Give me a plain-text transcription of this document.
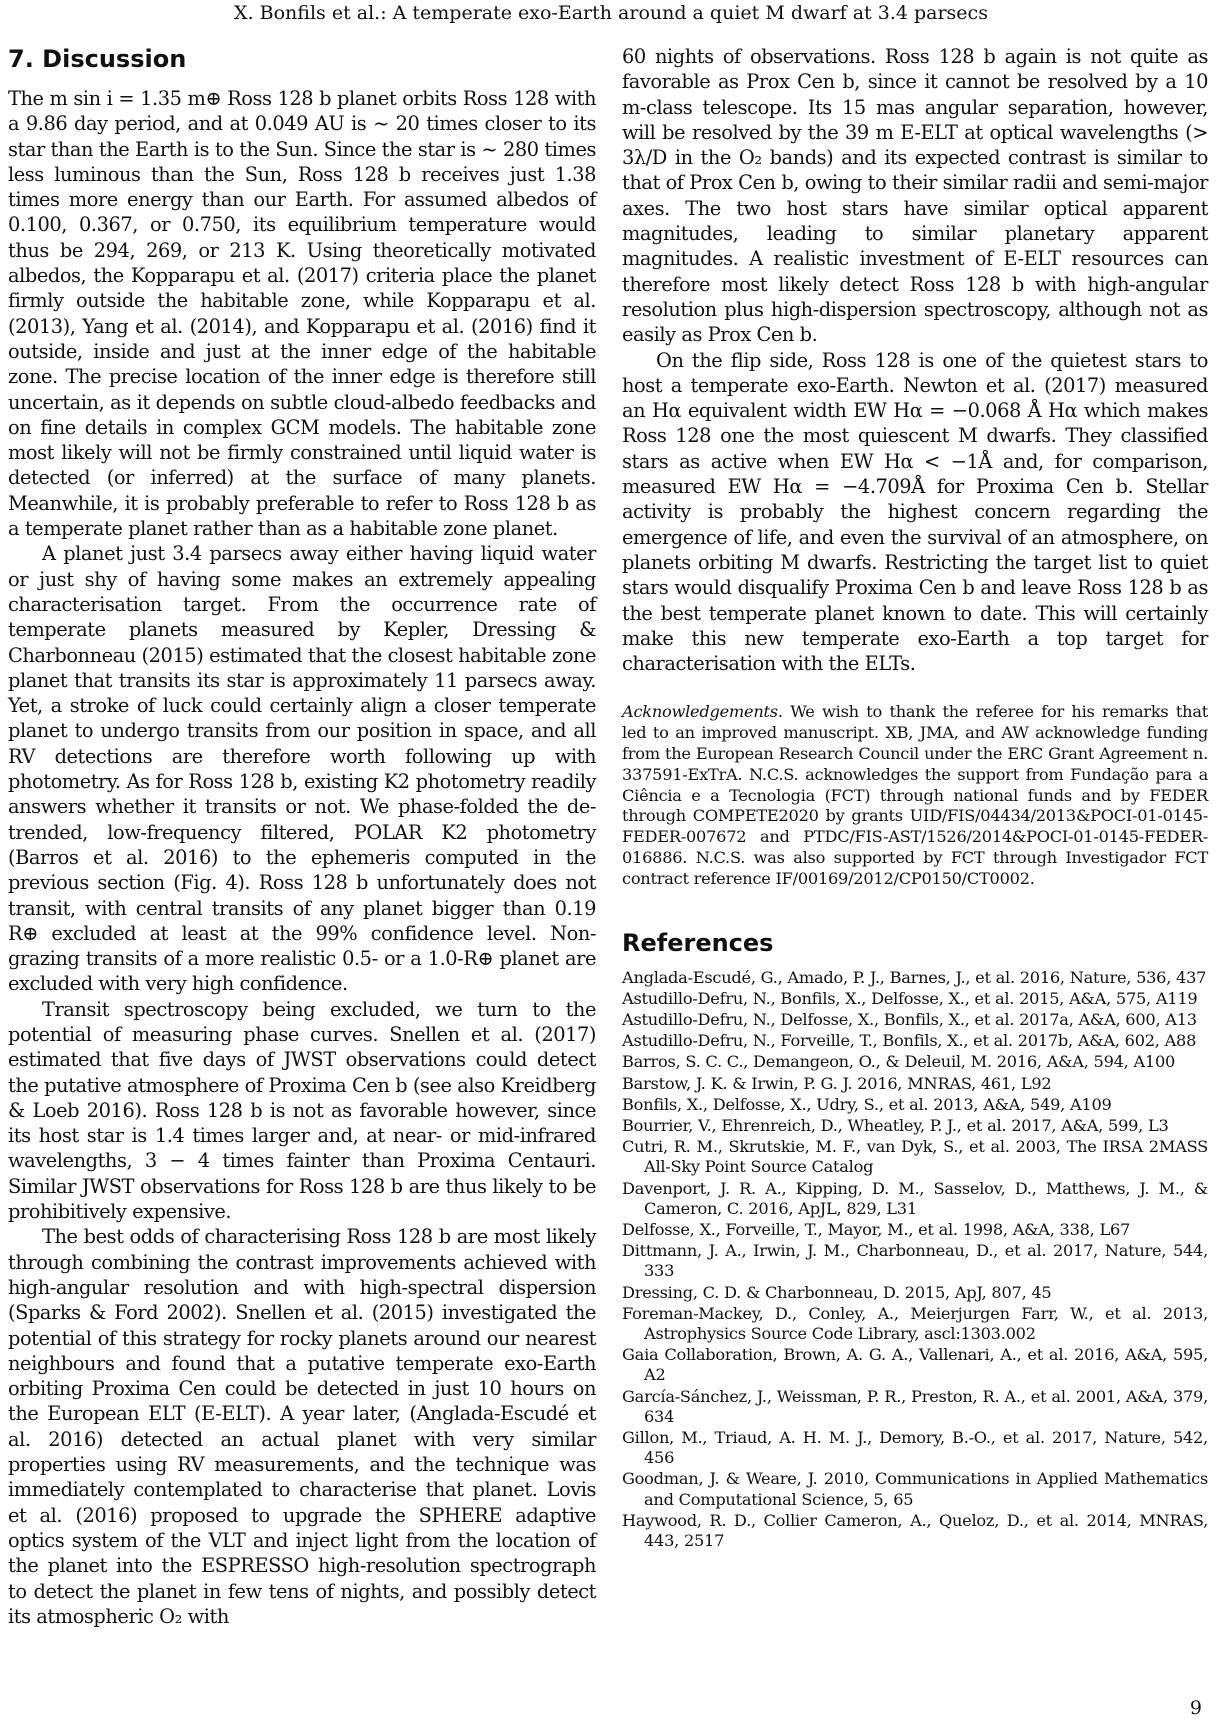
X. Bonfils et al.: A temperate exo-Earth around a quiet M dwarf at 3.4 parsecs
7. Discussion

The m sin i = 1.35 m⊕ Ross 128 b planet orbits Ross 128 with a 9.86 day period, and at 0.049 AU is ~ 20 times closer to its star than the Earth is to the Sun. Since the star is ~ 280 times less luminous than the Sun, Ross 128 b receives just 1.38 times more energy than our Earth. For assumed albedos of 0.100, 0.367, or 0.750, its equilibrium temperature would thus be 294, 269, or 213 K. Using theoretically motivated albedos, the Kopparapu et al. (2017) criteria place the planet firmly outside the habitable zone, while Kopparapu et al. (2013), Yang et al. (2014), and Kopparapu et al. (2016) find it outside, inside and just at the inner edge of the habitable zone. The precise location of the inner edge is therefore still uncertain, as it depends on subtle cloud-albedo feedbacks and on fine details in complex GCM models. The habitable zone most likely will not be firmly constrained until liquid water is detected (or inferred) at the surface of many planets. Meanwhile, it is probably preferable to refer to Ross 128 b as a temperate planet rather than as a habitable zone planet.

A planet just 3.4 parsecs away either having liquid water or just shy of having some makes an extremely appealing characterisation target. From the occurrence rate of temperate planets measured by Kepler, Dressing & Charbonneau (2015) estimated that the closest habitable zone planet that transits its star is approximately 11 parsecs away. Yet, a stroke of luck could certainly align a closer temperate planet to undergo transits from our position in space, and all RV detections are therefore worth following up with photometry. As for Ross 128 b, existing K2 photometry readily answers whether it transits or not. We phase-folded the de-trended, low-frequency filtered, POLAR K2 photometry (Barros et al. 2016) to the ephemeris computed in the previous section (Fig. 4). Ross 128 b unfortunately does not transit, with central transits of any planet bigger than 0.19 R⊕ excluded at least at the 99% confidence level. Non-grazing transits of a more realistic 0.5- or a 1.0-R⊕ planet are excluded with very high confidence.

Transit spectroscopy being excluded, we turn to the potential of measuring phase curves. Snellen et al. (2017) estimated that five days of JWST observations could detect the putative atmosphere of Proxima Cen b (see also Kreidberg & Loeb 2016). Ross 128 b is not as favorable however, since its host star is 1.4 times larger and, at near- or mid-infrared wavelengths, 3 − 4 times fainter than Proxima Centauri. Similar JWST observations for Ross 128 b are thus likely to be prohibitively expensive.

The best odds of characterising Ross 128 b are most likely through combining the contrast improvements achieved with high-angular resolution and with high-spectral dispersion (Sparks & Ford 2002). Snellen et al. (2015) investigated the potential of this strategy for rocky planets around our nearest neighbours and found that a putative temperate exo-Earth orbiting Proxima Cen could be detected in just 10 hours on the European ELT (E-ELT). A year later, (Anglada-Escudé et al. 2016) detected an actual planet with very similar properties using RV measurements, and the technique was immediately contemplated to characterise that planet. Lovis et al. (2016) proposed to upgrade the SPHERE adaptive optics system of the VLT and inject light from the location of the planet into the ESPRESSO high-resolution spectrograph to detect the planet in few tens of nights, and possibly detect its atmospheric O₂ with

60 nights of observations. Ross 128 b again is not quite as favorable as Prox Cen b, since it cannot be resolved by a 10 m-class telescope. Its 15 mas angular separation, however, will be resolved by the 39 m E-ELT at optical wavelengths (> 3λ/D in the O₂ bands) and its expected contrast is similar to that of Prox Cen b, owing to their similar radii and semi-major axes. The two host stars have similar optical apparent magnitudes, leading to similar planetary apparent magnitudes. A realistic investment of E-ELT resources can therefore most likely detect Ross 128 b with high-angular resolution plus high-dispersion spectroscopy, although not as easily as Prox Cen b.

On the flip side, Ross 128 is one of the quietest stars to host a temperate exo-Earth. Newton et al. (2017) measured an Hα equivalent width EW Hα = −0.068 Å Hα which makes Ross 128 one the most quiescent M dwarfs. They classified stars as active when EW Hα < −1Å and, for comparison, measured EW Hα = −4.709Å for Proxima Cen b. Stellar activity is probably the highest concern regarding the emergence of life, and even the survival of an atmosphere, on planets orbiting M dwarfs. Restricting the target list to quiet stars would disqualify Proxima Cen b and leave Ross 128 b as the best temperate planet known to date. This will certainly make this new temperate exo-Earth a top target for characterisation with the ELTs.

Acknowledgements. We wish to thank the referee for his remarks that led to an improved manuscript. XB, JMA, and AW acknowledge funding from the European Research Council under the ERC Grant Agreement n. 337591-ExTrA. N.C.S. acknowledges the support from Fundação para a Ciência e a Tecnologia (FCT) through national funds and by FEDER through COMPETE2020 by grants UID/FIS/04434/2013&POCI-01-0145-FEDER-007672 and PTDC/FIS-AST/1526/2014&POCI-01-0145-FEDER-016886. N.C.S. was also supported by FCT through Investigador FCT contract reference IF/00169/2012/CP0150/CT0002.

References
Anglada-Escudé, G., Amado, P. J., Barnes, J., et al. 2016, Nature, 536, 437
Astudillo-Defru, N., Bonfils, X., Delfosse, X., et al. 2015, A&A, 575, A119
Astudillo-Defru, N., Delfosse, X., Bonfils, X., et al. 2017a, A&A, 600, A13
Astudillo-Defru, N., Forveille, T., Bonfils, X., et al. 2017b, A&A, 602, A88
Barros, S. C. C., Demangeon, O., & Deleuil, M. 2016, A&A, 594, A100
Barstow, J. K. & Irwin, P. G. J. 2016, MNRAS, 461, L92
Bonfils, X., Delfosse, X., Udry, S., et al. 2013, A&A, 549, A109
Bourrier, V., Ehrenreich, D., Wheatley, P. J., et al. 2017, A&A, 599, L3
Cutri, R. M., Skrutskie, M. F., van Dyk, S., et al. 2003, The IRSA 2MASS All-Sky Point Source Catalog
Davenport, J. R. A., Kipping, D. M., Sasselov, D., Matthews, J. M., & Cameron, C. 2016, ApJL, 829, L31
Delfosse, X., Forveille, T., Mayor, M., et al. 1998, A&A, 338, L67
Dittmann, J. A., Irwin, J. M., Charbonneau, D., et al. 2017, Nature, 544, 333
Dressing, C. D. & Charbonneau, D. 2015, ApJ, 807, 45
Foreman-Mackey, D., Conley, A., Meierjurgen Farr, W., et al. 2013, Astrophysics Source Code Library, ascl:1303.002
Gaia Collaboration, Brown, A. G. A., Vallenari, A., et al. 2016, A&A, 595, A2
García-Sánchez, J., Weissman, P. R., Preston, R. A., et al. 2001, A&A, 379, 634
Gillon, M., Triaud, A. H. M. J., Demory, B.-O., et al. 2017, Nature, 542, 456
Goodman, J. & Weare, J. 2010, Communications in Applied Mathematics and Computational Science, 5, 65
Haywood, R. D., Collier Cameron, A., Queloz, D., et al. 2014, MNRAS, 443, 2517
9
